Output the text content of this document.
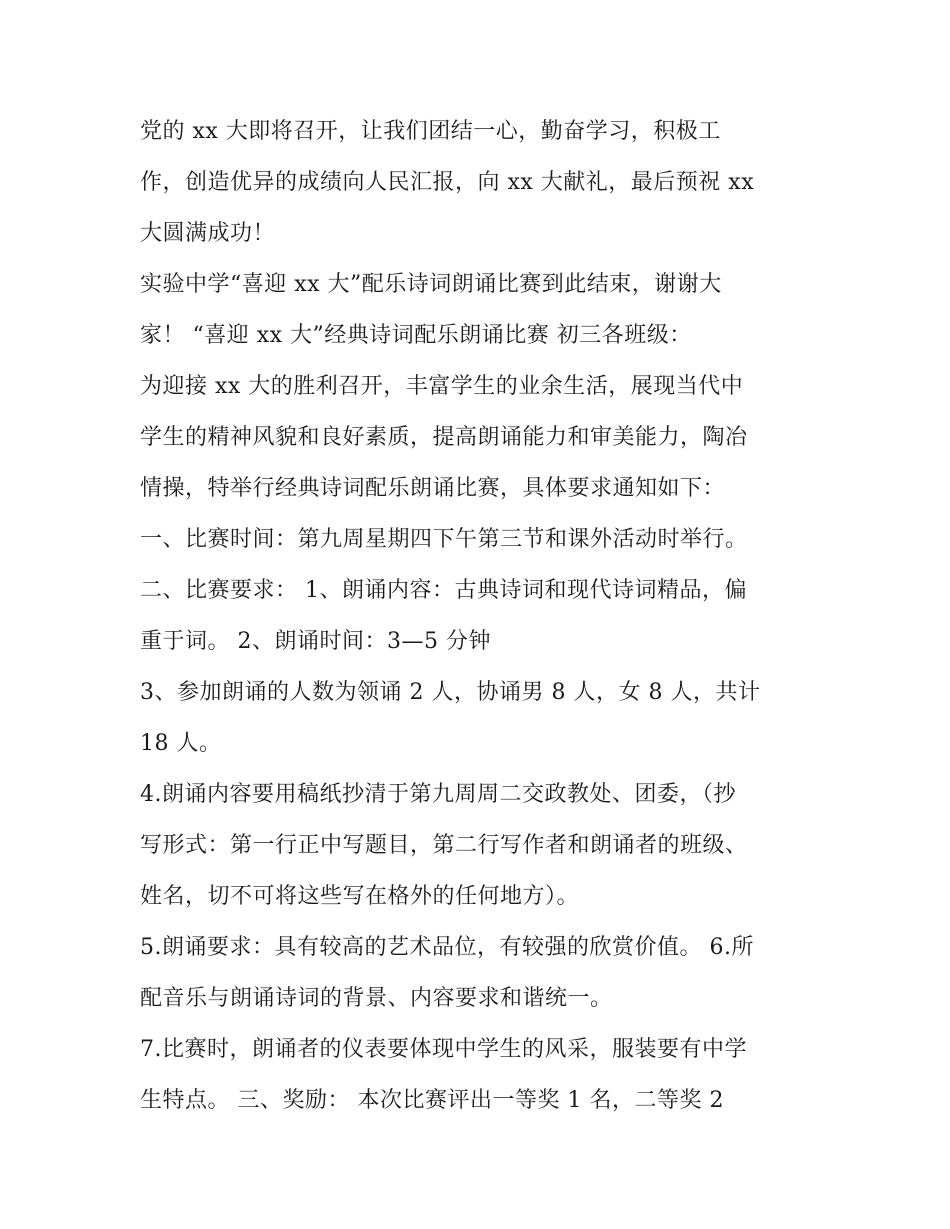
党的 xx 大即将召开，让我们团结一心，勤奋学习，积极工
作，创造优异的成绩向人民汇报，向 xx 大献礼，最后预祝 xx
大圆满成功！
实验中学“喜迎 xx 大”配乐诗词朗诵比赛到此结束，谢谢大
家！ “喜迎 xx 大”经典诗词配乐朗诵比赛 初三各班级：
为迎接 xx 大的胜利召开，丰富学生的业余生活，展现当代中
学生的精神风貌和良好素质，提高朗诵能力和审美能力，陶冶
情操，特举行经典诗词配乐朗诵比赛，具体要求通知如下：
一、比赛时间：第九周星期四下午第三节和课外活动时举行。
二、比赛要求： 1、朗诵内容：古典诗词和现代诗词精品，偏
重于词。 2、朗诵时间：3—5 分钟
3、参加朗诵的人数为领诵 2 人，协诵男 8 人，女 8 人，共计
18 人。
4.朗诵内容要用稿纸抄清于第九周周二交政教处、团委，（抄
写形式：第一行正中写题目，第二行写作者和朗诵者的班级、
姓名，切不可将这些写在格外的任何地方）。
5.朗诵要求：具有较高的艺术品位，有较强的欣赏价值。 6.所
配音乐与朗诵诗词的背景、内容要求和谐统一。
7.比赛时，朗诵者的仪表要体现中学生的风采，服装要有中学
生特点。 三、奖励： 本次比赛评出一等奖 1 名，二等奖 2
